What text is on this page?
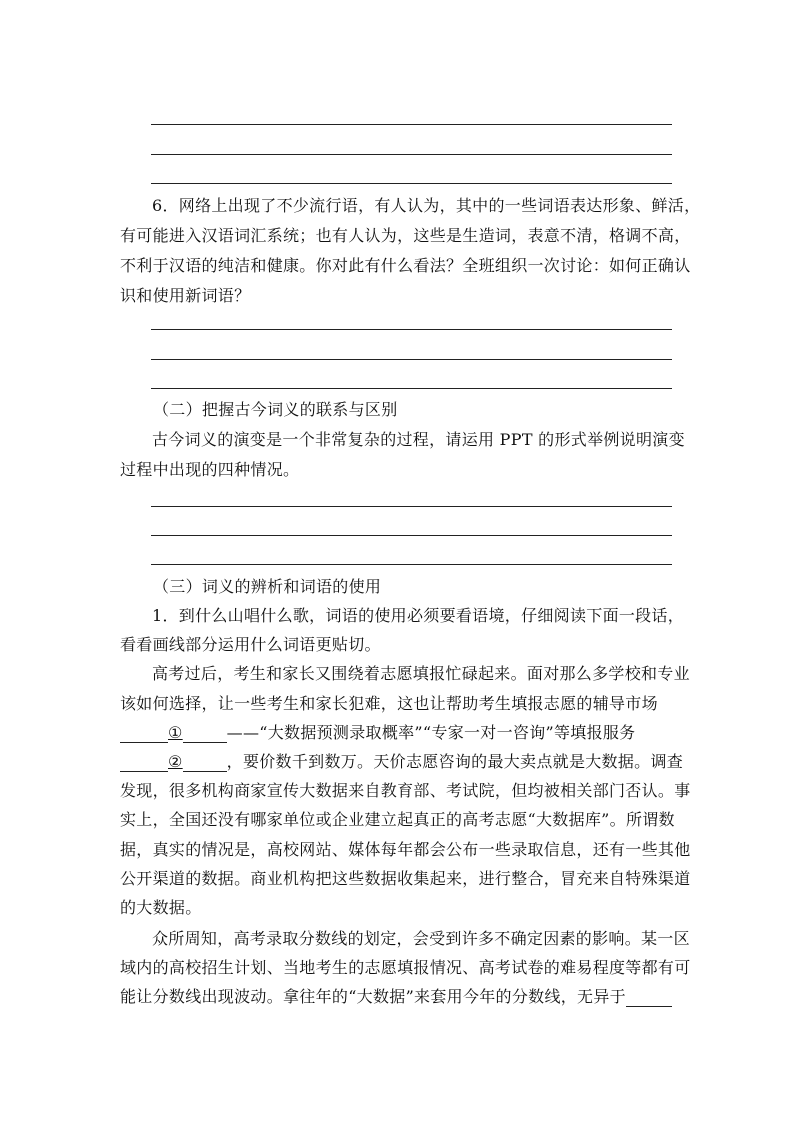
6．网络上出现了不少流行语，有人认为，其中的一些词语表达形象、鲜活，
有可能进入汉语词汇系统；也有人认为，这些是生造词，表意不清，格调不高，
不利于汉语的纯洁和健康。你对此有什么看法？全班组织一次讨论：如何正确认
识和使用新词语？
（二）把握古今词义的联系与区别
古今词义的演变是一个非常复杂的过程，请运用 PPT 的形式举例说明演变
过程中出现的四种情况。
（三）词义的辨析和词语的使用
1．到什么山唱什么歌，词语的使用必须要看语境，仔细阅读下面一段话，
看看画线部分运用什么词语更贴切。
高考过后，考生和家长又围绕着志愿填报忙碌起来。面对那么多学校和专业
该如何选择，让一些考生和家长犯难，这也让帮助考生填报志愿的辅导市场
①	——“大数据预测录取概率”“专家一对一咨询”等填报服务
②	，要价数千到数万。天价志愿咨询的最大卖点就是大数据。调查
发现，很多机构商家宣传大数据来自教育部、考试院，但均被相关部门否认。事
实上，全国还没有哪家单位或企业建立起真正的高考志愿“大数据库”。所谓数
据，真实的情况是，高校网站、媒体每年都会公布一些录取信息，还有一些其他
公开渠道的数据。商业机构把这些数据收集起来，进行整合，冒充来自特殊渠道
的大数据。
众所周知，高考录取分数线的划定，会受到许多不确定因素的影响。某一区
域内的高校招生计划、当地考生的志愿填报情况、高考试卷的难易程度等都有可
能让分数线出现波动。拿往年的“大数据”来套用今年的分数线，无异于
